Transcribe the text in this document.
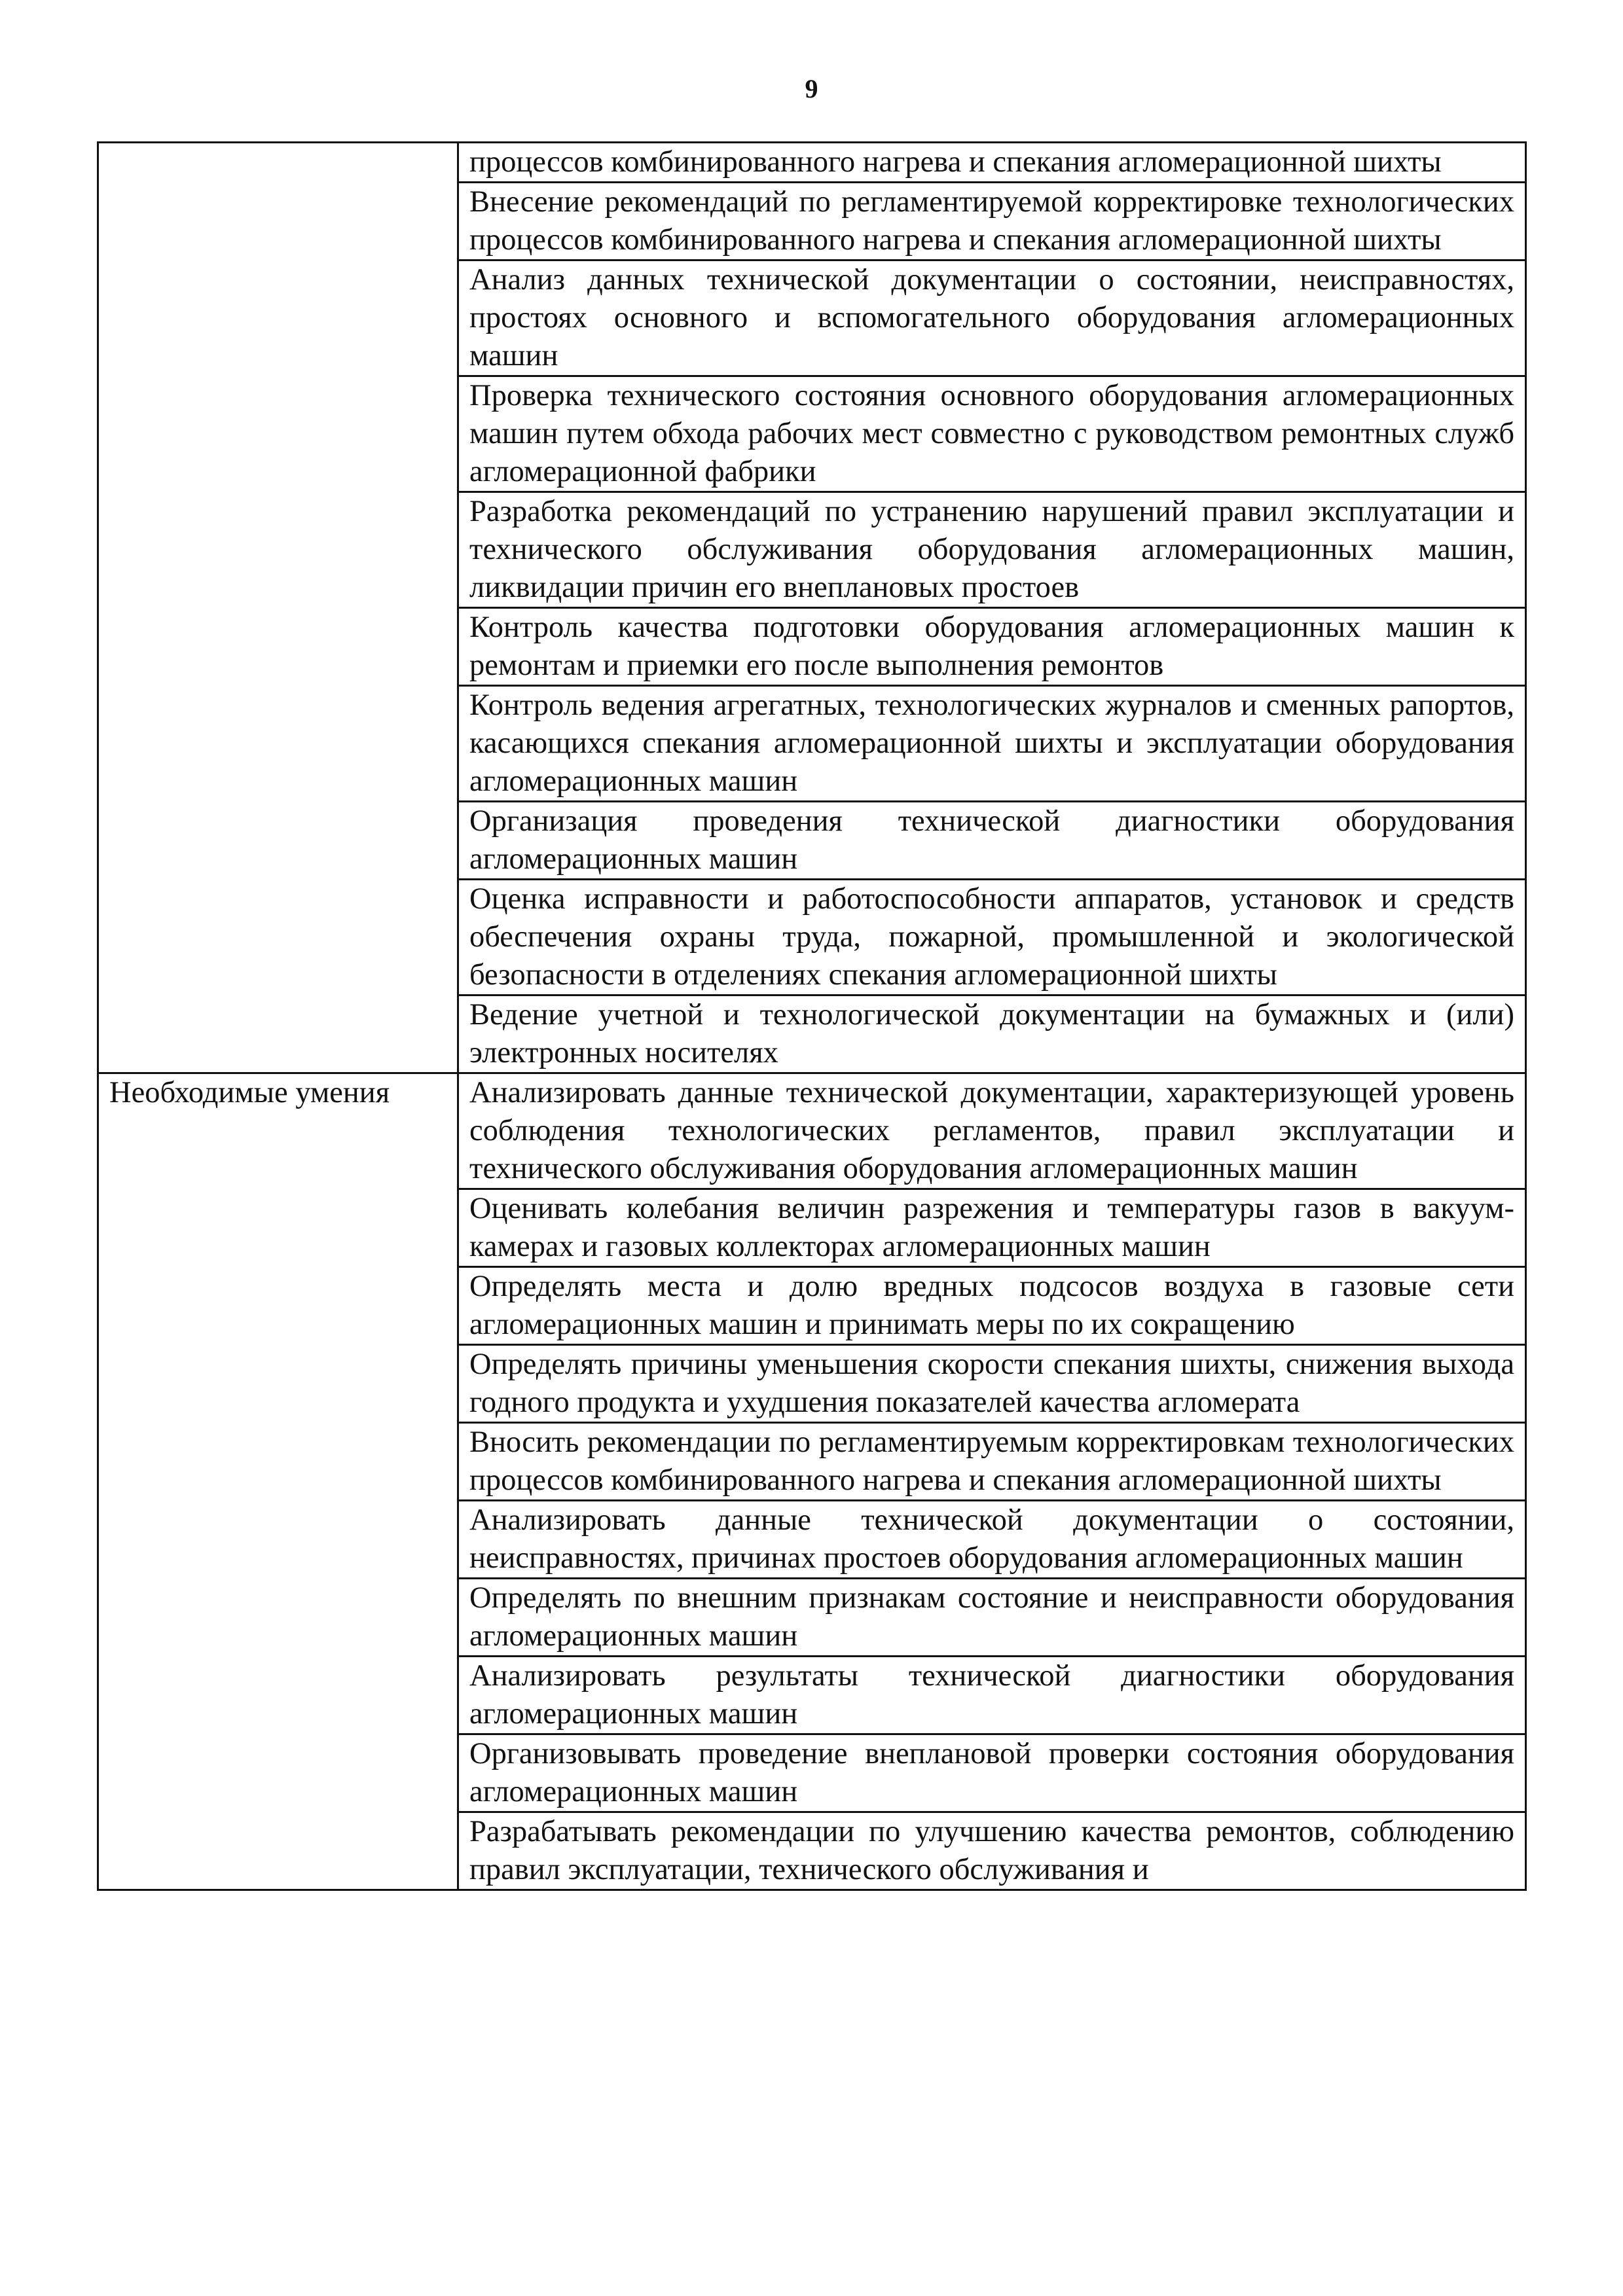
9
	процессов комбинированного нагрева и спекания агломерационной шихты
	Внесение рекомендаций по регламентируемой корректировке технологических процессов комбинированного нагрева и спекания агломерационной шихты
	Анализ данных технической документации о состоянии, неисправностях, простоях основного и вспомогательного оборудования агломерационных машин
	Проверка технического состояния основного оборудования агломерационных машин путем обхода рабочих мест совместно с руководством ремонтных служб агломерационной фабрики
	Разработка рекомендаций по устранению нарушений правил эксплуатации и технического обслуживания оборудования агломерационных машин, ликвидации причин его внеплановых простоев
	Контроль качества подготовки оборудования агломерационных машин к ремонтам и приемки его после выполнения ремонтов
	Контроль ведения агрегатных, технологических журналов и сменных рапортов, касающихся спекания агломерационной шихты и эксплуатации оборудования агломерационных машин
	Организация проведения технической диагностики оборудования агломерационных машин
	Оценка исправности и работоспособности аппаратов, установок и средств обеспечения охраны труда, пожарной, промышленной и экологической безопасности в отделениях спекания агломерационной шихты
	Ведение учетной и технологической документации на бумажных и (или) электронных носителях
Необходимые умения	Анализировать данные технической документации, характеризующей уровень соблюдения технологических регламентов, правил эксплуатации и технического обслуживания оборудования агломерационных машин
	Оценивать колебания величин разрежения и температуры газов в вакуум-камерах и газовых коллекторах агломерационных машин
	Определять места и долю вредных подсосов воздуха в газовые сети агломерационных машин и принимать меры по их сокращению
	Определять причины уменьшения скорости спекания шихты, снижения выхода годного продукта и ухудшения показателей качества агломерата
	Вносить рекомендации по регламентируемым корректировкам технологических процессов комбинированного нагрева и спекания агломерационной шихты
	Анализировать данные технической документации о состоянии, неисправностях, причинах простоев оборудования агломерационных машин
	Определять по внешним признакам состояние и неисправности оборудования агломерационных машин
	Анализировать результаты технической диагностики оборудования агломерационных машин
	Организовывать проведение внеплановой проверки состояния оборудования агломерационных машин
	Разрабатывать рекомендации по улучшению качества ремонтов, соблюдению правил эксплуатации, технического обслуживания и
